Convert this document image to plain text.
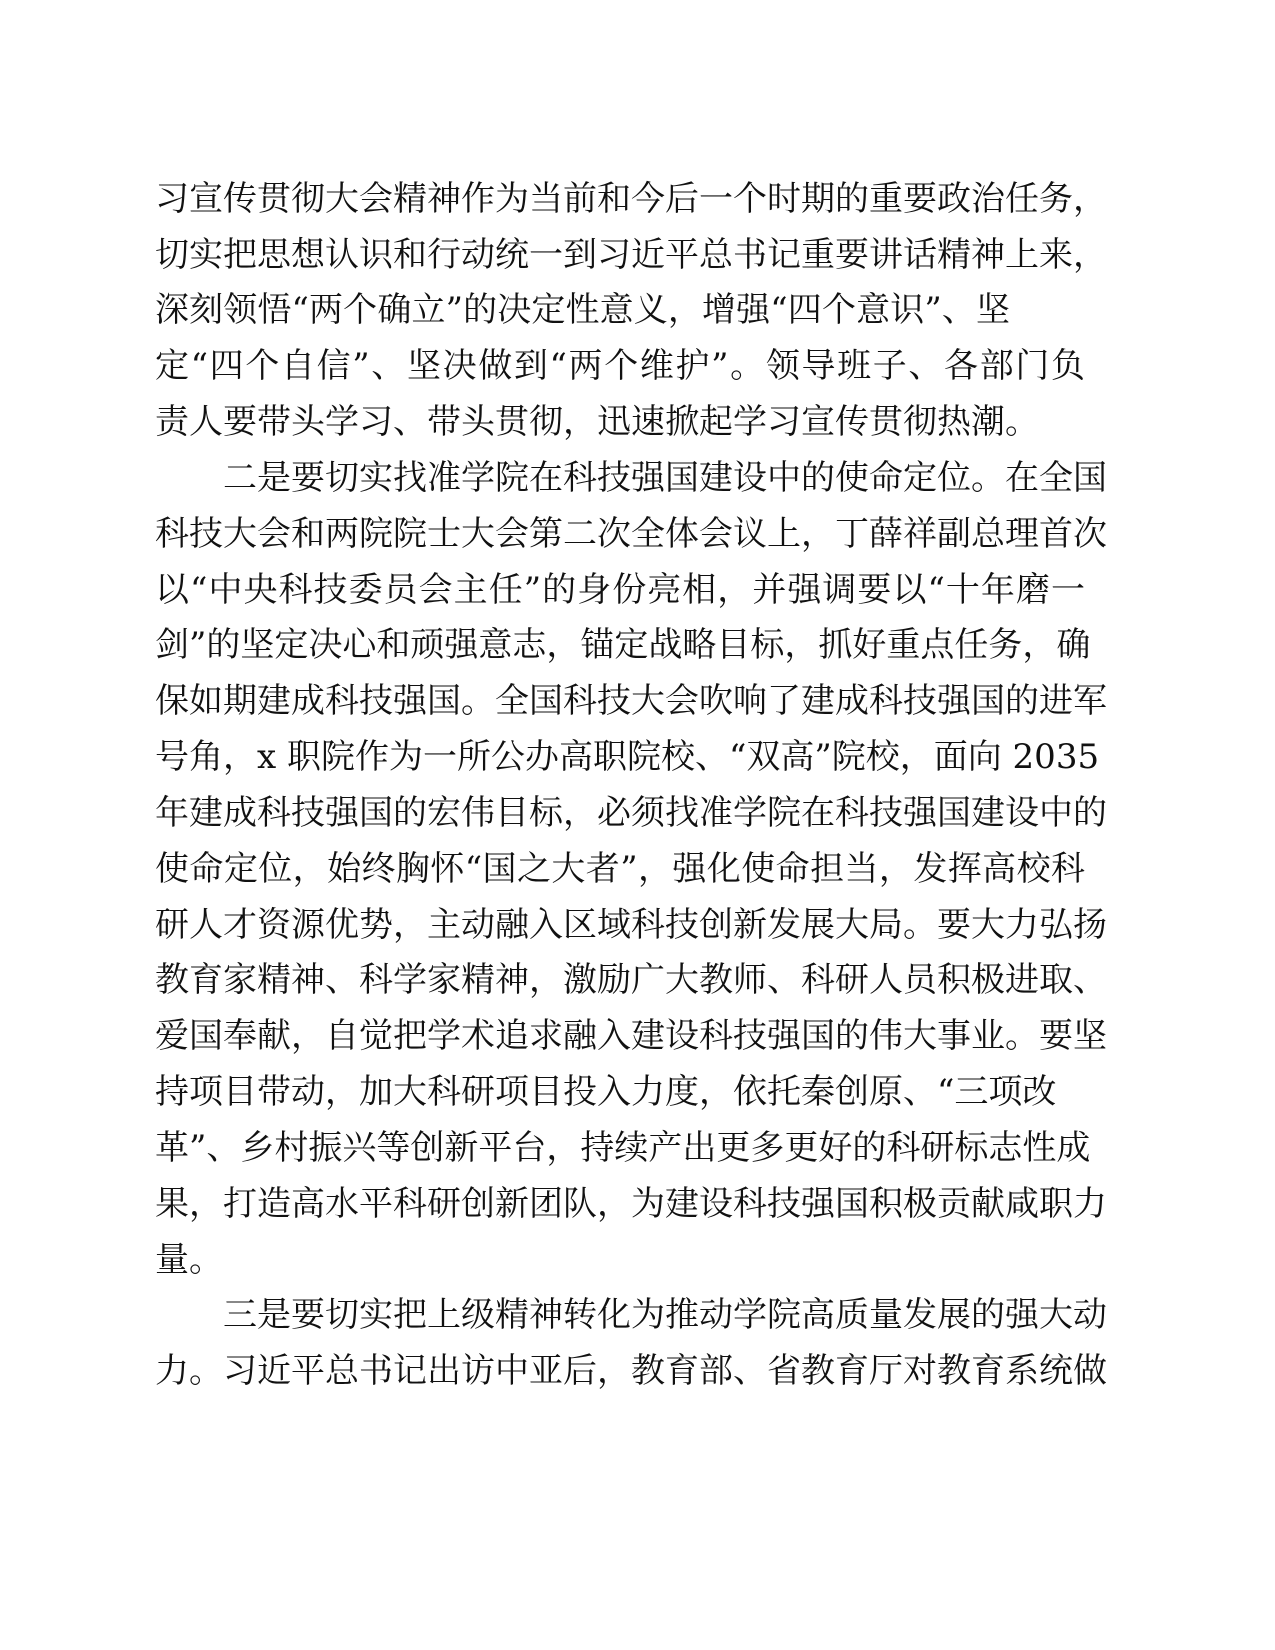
习宣传贯彻大会精神作为当前和今后一个时期的重要政治任务，
切实把思想认识和行动统一到习近平总书记重要讲话精神上来，
深刻领悟“两个确立”的决定性意义，增强“四个意识”、坚
定“四个自信”、坚决做到“两个维护”。领导班子、各部门负
责人要带头学习、带头贯彻，迅速掀起学习宣传贯彻热潮。
二是要切实找准学院在科技强国建设中的使命定位。在全国
科技大会和两院院士大会第二次全体会议上，丁薛祥副总理首次
以“中央科技委员会主任”的身份亮相，并强调要以“十年磨一
剑”的坚定决心和顽强意志，锚定战略目标，抓好重点任务，确
保如期建成科技强国。全国科技大会吹响了建成科技强国的进军
号角，x 职院作为一所公办高职院校、“双高”院校，面向 2035
年建成科技强国的宏伟目标，必须找准学院在科技强国建设中的
使命定位，始终胸怀“国之大者”，强化使命担当，发挥高校科
研人才资源优势，主动融入区域科技创新发展大局。要大力弘扬
教育家精神、科学家精神，激励广大教师、科研人员积极进取、
爱国奉献，自觉把学术追求融入建设科技强国的伟大事业。要坚
持项目带动，加大科研项目投入力度，依托秦创原、“三项改
革”、乡村振兴等创新平台，持续产出更多更好的科研标志性成
果，打造高水平科研创新团队，为建设科技强国积极贡献咸职力
量。
三是要切实把上级精神转化为推动学院高质量发展的强大动
力。习近平总书记出访中亚后，教育部、省教育厅对教育系统做
